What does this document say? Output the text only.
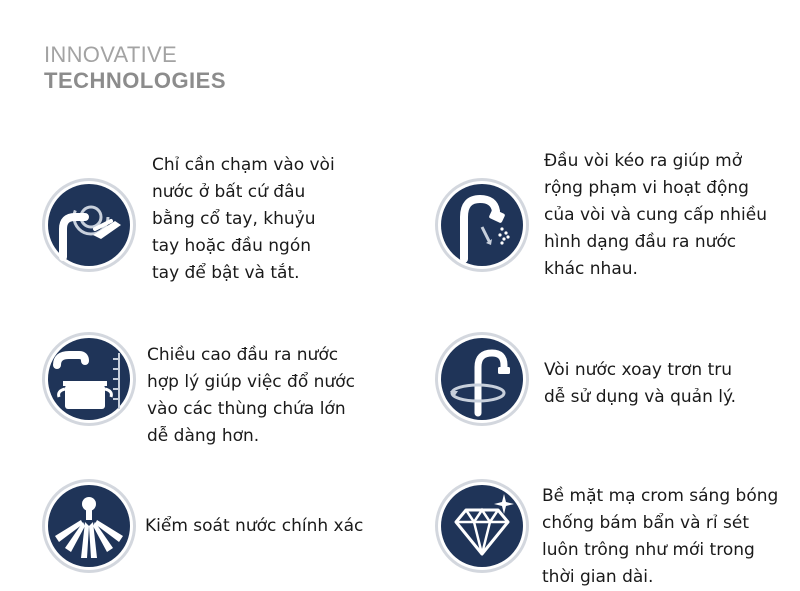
INNOVATIVE
TECHNOLOGIES
Chỉ cần chạm vào vòi
nước ở bất cứ đâu
bằng cổ tay, khuỷu
tay hoặc đầu ngón
tay để bật và tắt.
Đầu vòi kéo ra giúp mở
rộng phạm vi hoạt động
của vòi và cung cấp nhiều
hình dạng đầu ra nước
khác nhau.
Chiều cao đầu ra nước
hợp lý giúp việc đổ nước
vào các thùng chứa lớn
dễ dàng hơn.
Vòi nước xoay trơn tru
dễ sử dụng và quản lý.
Kiểm soát nước chính xác
Bề mặt mạ crom sáng bóng
chống bám bẩn và rỉ sét
luôn trông như mới trong
thời gian dài.
